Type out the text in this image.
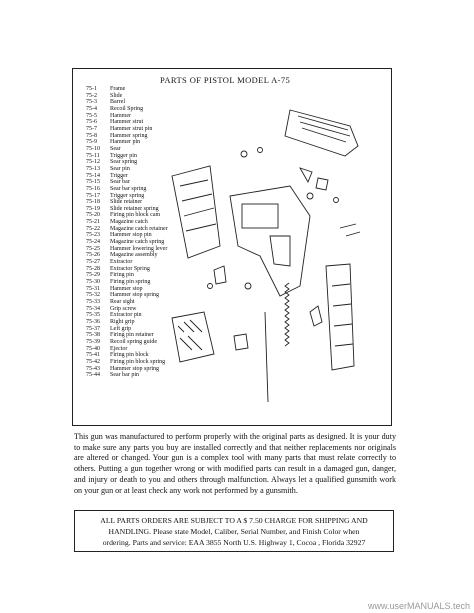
PARTS OF PISTOL MODEL A-75
75-1	Frame
75-2	Slide
75-3	Barrel
75-4	Recoil Spring
75-5	Hammer
75-6	Hammer strut
75-7	Hammer strut pin
75-8	Hammer spring
75-9	Hammer pin
75-10	Sear
75-11	Trigger pin
75-12	Sear spring
75-13	Sear pin
75-14	Trigger
75-15	Sear bar
75-16	Sear bar spring
75-17	Trigger spring
75-18	Slide retainer
75-19	Slide retainer spring
75-20	Firing pin block cam
75-21	Magazine catch
75-22	Magazine catch retainer
75-23	Hammer stop pin
75-24	Magazine catch spring
75-25	Hammer lowering lever
75-26	Magazine assembly
75-27	Extractor
75-28	Extractor Spring
75-29	Firing pin
75-30	Firing pin spring
75-31	Hammer stop
75-32	Hammer stop spring
75-33	Rear sight
75-34	Grip screw
75-35	Extractor pin
75-36	Right grip
75-37	Left grip
75-38	Firing pin retainer
75-39	Recoil spring guide
75-40	Ejector
75-41	Firing pin block
75-42	Firing pin block spring
75-43	Hammer stop spring
75-44	Sear bar pin
This gun was manufactured to perform properly with the original parts as designed. It is your duty to make sure any parts you buy are installed correctly and that neither replacements nor originals are altered or changed. Your gun is a complex tool with many parts that must relate correctly to others. Putting a gun together wrong or with modified parts can result in a damaged gun, danger, and injury or death to you and others through malfunction. Always let a qualified gunsmith work on your gun or at least check any work not performed by a gunsmith.
ALL PARTS ORDERS ARE SUBJECT TO A $ 7.50 CHARGE FOR SHIPPING AND
HANDLING. Please state Model, Caliber, Serial Number, and Finish Color when
ordering. Parts and service: EAA 3855 North U.S. Highway 1, Cocoa , Florida 32927
www.userMANUALS.tech
